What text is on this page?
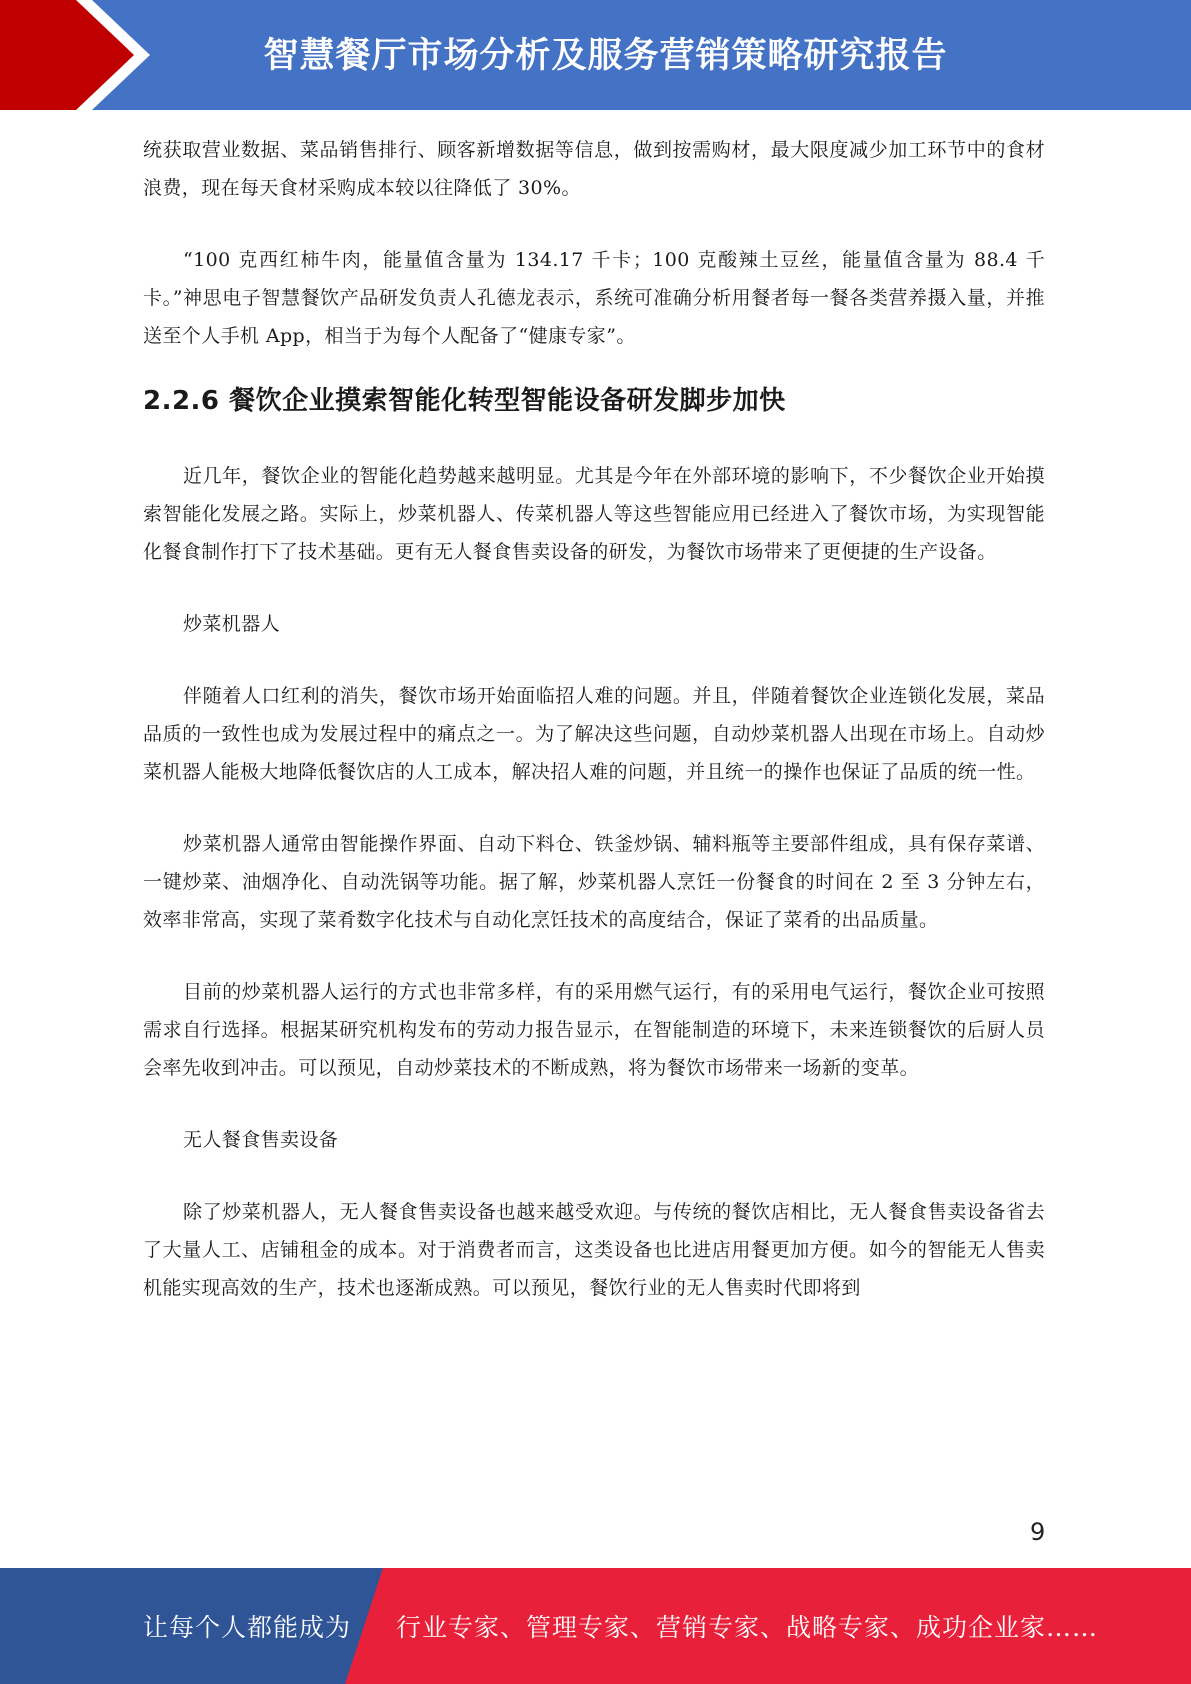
智慧餐厅市场分析及服务营销策略研究报告

统获取营业数据、菜品销售排行、顾客新增数据等信息，做到按需购材，最大限度减少加工环节中的食材浪费，现在每天食材采购成本较以往降低了 30%。

“100 克西红柿牛肉，能量值含量为 134.17 千卡；100 克酸辣土豆丝，能量值含量为 88.4 千卡。”神思电子智慧餐饮产品研发负责人孔德龙表示，系统可准确分析用餐者每一餐各类营养摄入量，并推送至个人手机 App，相当于为每个人配备了“健康专家”。

2.2.6 餐饮企业摸索智能化转型智能设备研发脚步加快

近几年，餐饮企业的智能化趋势越来越明显。尤其是今年在外部环境的影响下，不少餐饮企业开始摸索智能化发展之路。实际上，炒菜机器人、传菜机器人等这些智能应用已经进入了餐饮市场，为实现智能化餐食制作打下了技术基础。更有无人餐食售卖设备的研发，为餐饮市场带来了更便捷的生产设备。

炒菜机器人

伴随着人口红利的消失，餐饮市场开始面临招人难的问题。并且，伴随着餐饮企业连锁化发展，菜品品质的一致性也成为发展过程中的痛点之一。为了解决这些问题，自动炒菜机器人出现在市场上。自动炒菜机器人能极大地降低餐饮店的人工成本，解决招人难的问题，并且统一的操作也保证了品质的统一性。

炒菜机器人通常由智能操作界面、自动下料仓、铁釜炒锅、辅料瓶等主要部件组成，具有保存菜谱、一键炒菜、油烟净化、自动洗锅等功能。据了解，炒菜机器人烹饪一份餐食的时间在 2 至 3 分钟左右，效率非常高，实现了菜肴数字化技术与自动化烹饪技术的高度结合，保证了菜肴的出品质量。

目前的炒菜机器人运行的方式也非常多样，有的采用燃气运行，有的采用电气运行，餐饮企业可按照需求自行选择。根据某研究机构发布的劳动力报告显示，在智能制造的环境下，未来连锁餐饮的后厨人员会率先收到冲击。可以预见，自动炒菜技术的不断成熟，将为餐饮市场带来一场新的变革。

无人餐食售卖设备

除了炒菜机器人，无人餐食售卖设备也越来越受欢迎。与传统的餐饮店相比，无人餐食售卖设备省去了大量人工、店铺租金的成本。对于消费者而言，这类设备也比进店用餐更加方便。如今的智能无人售卖机能实现高效的生产，技术也逐渐成熟。可以预见，餐饮行业的无人售卖时代即将到

9
让每个人都能成为 行业专家、管理专家、营销专家、战略专家、成功企业家……
